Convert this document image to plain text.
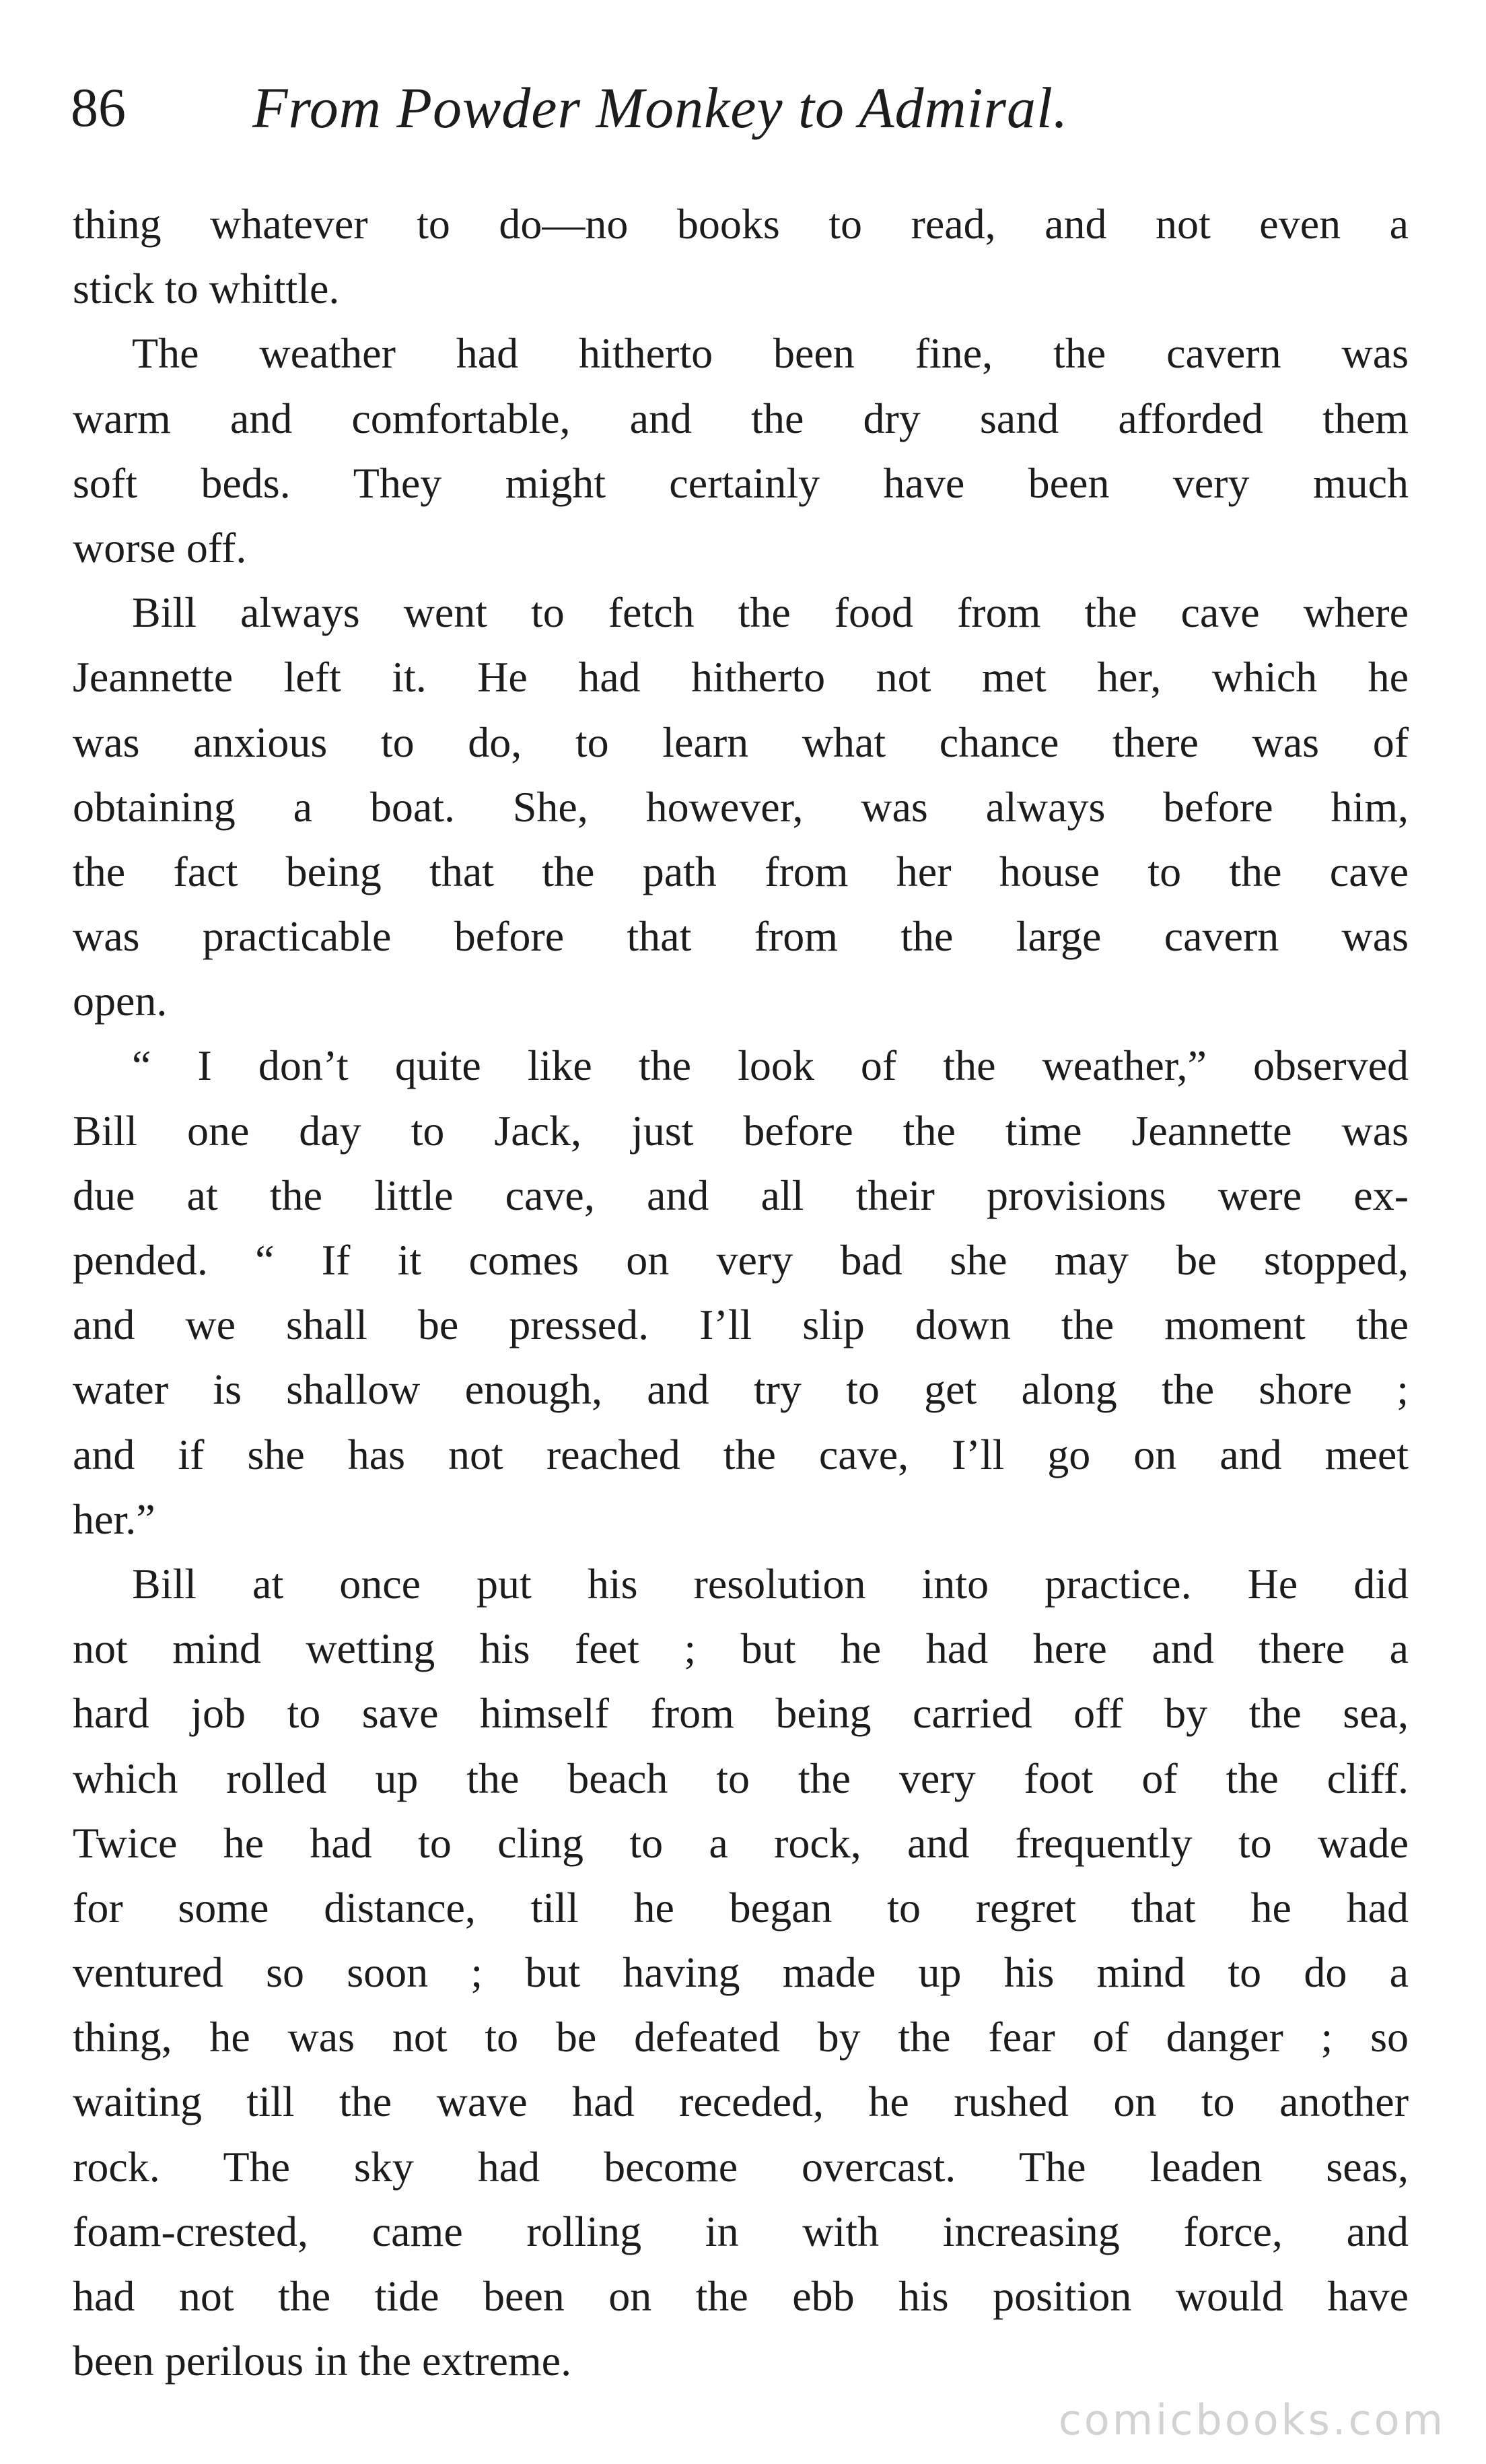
86 From Powder Monkey to Admiral.
thing whatever to do—no books to read, and not even a
stick to whittle.
The weather had hitherto been fine, the cavern was
warm and comfortable, and the dry sand afforded them
soft beds. They might certainly have been very much
worse off.
Bill always went to fetch the food from the cave where
Jeannette left it. He had hitherto not met her, which he
was anxious to do, to learn what chance there was of
obtaining a boat. She, however, was always before him,
the fact being that the path from her house to the cave
was practicable before that from the large cavern was
open.
“ I don’t quite like the look of the weather,” observed
Bill one day to Jack, just before the time Jeannette was
due at the little cave, and all their provisions were ex-
pended. “ If it comes on very bad she may be stopped,
and we shall be pressed. I’ll slip down the moment the
water is shallow enough, and try to get along the shore ;
and if she has not reached the cave, I’ll go on and meet
her.”
Bill at once put his resolution into practice. He did
not mind wetting his feet ; but he had here and there a
hard job to save himself from being carried off by the sea,
which rolled up the beach to the very foot of the cliff.
Twice he had to cling to a rock, and frequently to wade
for some distance, till he began to regret that he had
ventured so soon ; but having made up his mind to do a
thing, he was not to be defeated by the fear of danger ; so
waiting till the wave had receded, he rushed on to another
rock. The sky had become overcast. The leaden seas,
foam-crested, came rolling in with increasing force, and
had not the tide been on the ebb his position would have
been perilous in the extreme.
comicbooks.com
